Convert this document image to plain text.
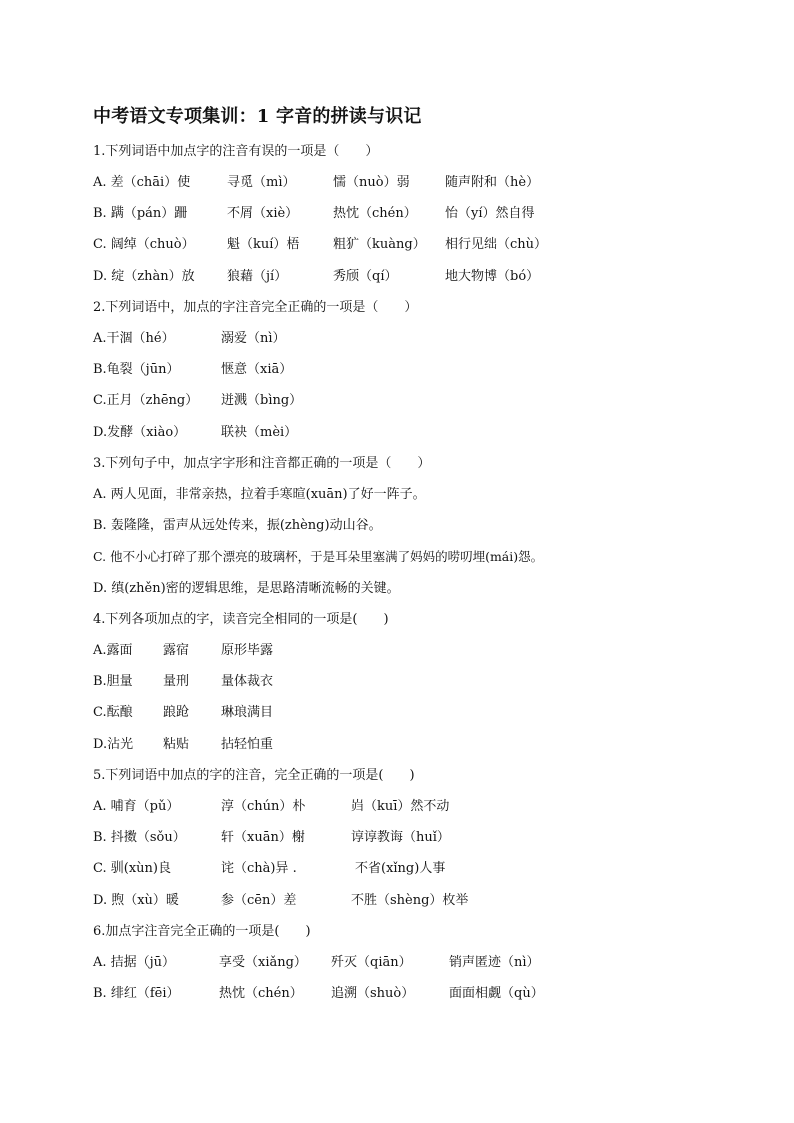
中考语文专项集训：1 字音的拼读与识记
1.下列词语中加点字的注音有误的一项是（　　）
A. 差（chāi）使	寻觅（mì）	懦（nuò）弱	随声附和（hè）
B. 蹒（pán）跚	不屑（xiè）	热忱（chén） 怡（yí）然自得
C. 阔绰（chuò） 魁（kuí）梧	粗犷（kuàng） 相行见绌（chù）
D. 绽（zhàn）放 狼藉（jí）	秀颀（qí）	地大物博（bó）
2.下列词语中，加点的字注音完全正确的一项是（　　）
A.干涸（hé）	溺爱（nì）
B.龟裂（jūn）	惬意（xiā）
C.正月（zhēng） 迸溅（bìng）
D.发酵（xiào）	联袂（mèi）
3.下列句子中，加点字字形和注音都正确的一项是（　　）
A. 两人见面，非常亲热，拉着手寒暄(xuān)了好一阵子。
B. 轰隆隆，雷声从远处传来，振(zhèng)动山谷。
C. 他不小心打碎了那个漂亮的玻璃杯，于是耳朵里塞满了妈妈的唠叨埋(mái)怨。
D. 缜(zhěn)密的逻辑思维，是思路清晰流畅的关键。
4.下列各项加点的字，读音完全相同的一项是(　　)
A.露面 露宿 原形毕露
B.胆量 量刑 量体裁衣
C.酝酿 踉跄 琳琅满目
D.沾光 粘贴 拈轻怕重
5.下列词语中加点的字的注音，完全正确的一项是(　　)
A. 哺育（pǔ）	淳（chún）朴	岿（kuī）然不动
B. 抖擞（sǒu）	轩（xuān）榭	谆谆教诲（huǐ）
C. 驯(xùn)良	诧（chà)异 .	不省(xǐng)人事
D. 煦（xù）暖	参（cēn）差	不胜（shèng）枚举
6.加点字注音完全正确的一项是(　　)
A. 拮据（jū）	享受（xiǎng） 歼灭（qiān）	销声匿迹（nì）
B. 绯红（fēi）	热忱（chén） 追溯（shuò）	面面相觑（qù）
